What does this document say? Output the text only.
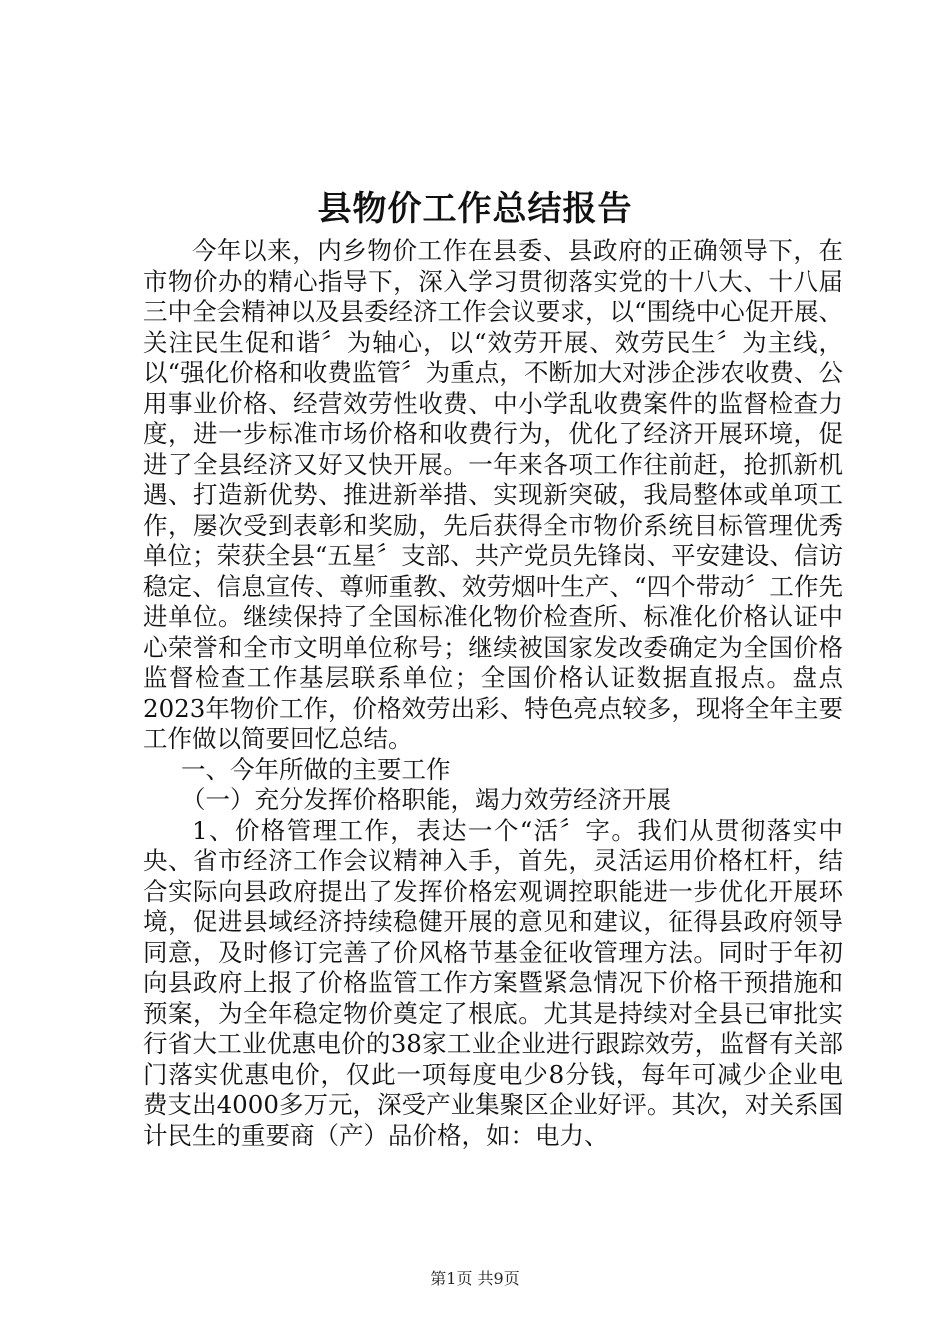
县物价工作总结报告

今年以来，内乡物价工作在县委、县政府的正确领导下，在市物价办的精心指导下，深入学习贯彻落实党的十八大、十八届三中全会精神以及县委经济工作会议要求，以“围绕中心促开展、关注民生促和谐〞为轴心，以“效劳开展、效劳民生〞为主线，以“强化价格和收费监管〞为重点，不断加大对涉企涉农收费、公用事业价格、经营效劳性收费、中小学乱收费案件的监督检查力度，进一步标准市场价格和收费行为，优化了经济开展环境，促进了全县经济又好又快开展。一年来各项工作往前赶，抢抓新机遇、打造新优势、推进新举措、实现新突破，我局整体或单项工作，屡次受到表彰和奖励，先后获得全市物价系统目标管理优秀单位；荣获全县“五星〞支部、共产党员先锋岗、平安建设、信访稳定、信息宣传、尊师重教、效劳烟叶生产、“四个带动〞工作先进单位。继续保持了全国标准化物价检查所、标准化价格认证中心荣誉和全市文明单位称号；继续被国家发改委确定为全国价格监督检查工作基层联系单位；全国价格认证数据直报点。盘点2023年物价工作，价格效劳出彩、特色亮点较多，现将全年主要工作做以简要回忆总结。

一、今年所做的主要工作

（一）充分发挥价格职能，竭力效劳经济开展

1、价格管理工作，表达一个“活〞字。我们从贯彻落实中央、省市经济工作会议精神入手，首先，灵活运用价格杠杆，结合实际向县政府提出了发挥价格宏观调控职能进一步优化开展环境，促进县域经济持续稳健开展的意见和建议，征得县政府领导同意，及时修订完善了价风格节基金征收管理方法。同时于年初向县政府上报了价格监管工作方案暨紧急情况下价格干预措施和预案，为全年稳定物价奠定了根底。尤其是持续对全县已审批实行省大工业优惠电价的38家工业企业进行跟踪效劳，监督有关部门落实优惠电价，仅此一项每度电少8分钱，每年可减少企业电费支出4000多万元，深受产业集聚区企业好评。其次，对关系国计民生的重要商（产）品价格，如：电力、

第1页 共9页
